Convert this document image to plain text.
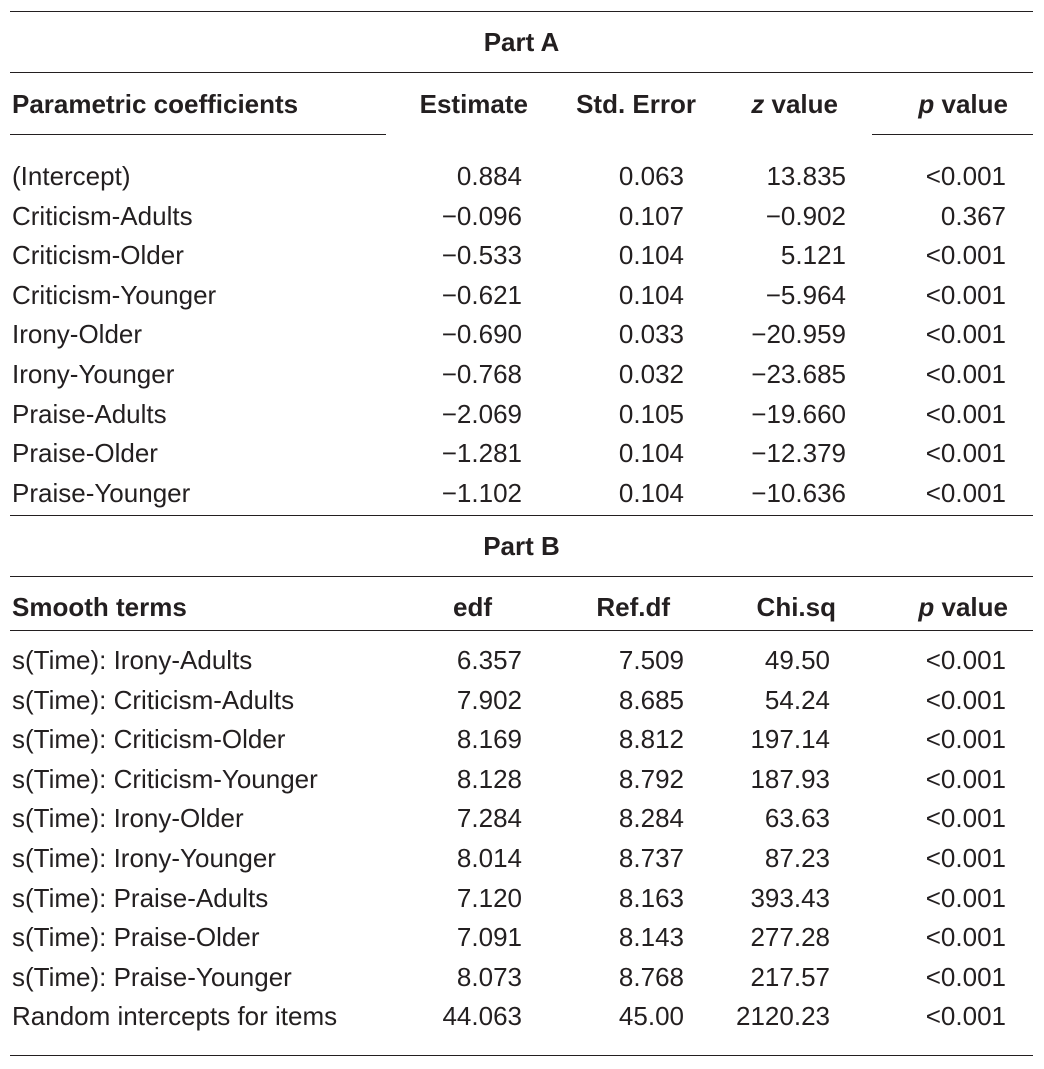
Part A
Parametric coefficients	Estimate	Std. Error	z value	p value
(Intercept)	0.884	0.063	13.835	<0.001
Criticism-Adults	−0.096	0.107	−0.902	0.367
Criticism-Older	−0.533	0.104	5.121	<0.001
Criticism-Younger	−0.621	0.104	−5.964	<0.001
Irony-Older	−0.690	0.033	−20.959	<0.001
Irony-Younger	−0.768	0.032	−23.685	<0.001
Praise-Adults	−2.069	0.105	−19.660	<0.001
Praise-Older	−1.281	0.104	−12.379	<0.001
Praise-Younger	−1.102	0.104	−10.636	<0.001
Part B
Smooth terms	edf	Ref.df	Chi.sq	p value
s(Time): Irony-Adults	6.357	7.509	49.50	<0.001
s(Time): Criticism-Adults	7.902	8.685	54.24	<0.001
s(Time): Criticism-Older	8.169	8.812	197.14	<0.001
s(Time): Criticism-Younger	8.128	8.792	187.93	<0.001
s(Time): Irony-Older	7.284	8.284	63.63	<0.001
s(Time): Irony-Younger	8.014	8.737	87.23	<0.001
s(Time): Praise-Adults	7.120	8.163	393.43	<0.001
s(Time): Praise-Older	7.091	8.143	277.28	<0.001
s(Time): Praise-Younger	8.073	8.768	217.57	<0.001
Random intercepts for items	44.063	45.00	2120.23	<0.001
